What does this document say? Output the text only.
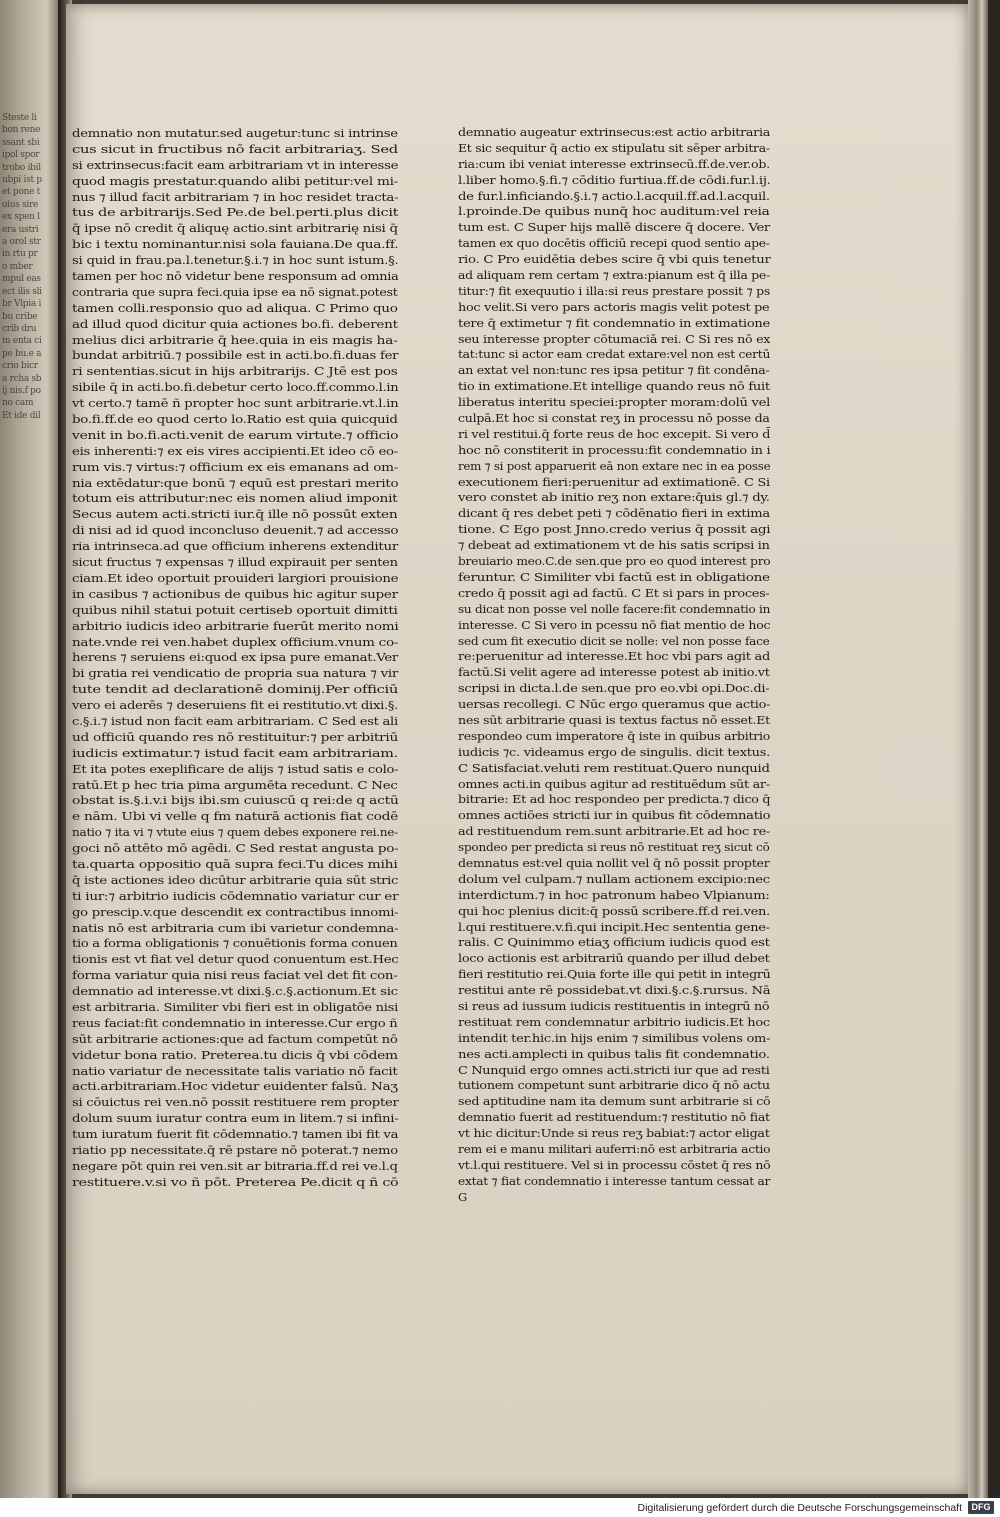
Steste libon rene ssant sbi ipol spor trobo ibil ubpi ist pet pone toius sire ex spen lera ustria orol strin rtu pro mber mpul eas ect ilis slibr Vlpia ibu cribe crib drum enta cipe bu.e acrio bicra rcha sbij nis.f pono cam Et ide dil
demnatio non mutatur.sed augetur:tunc si intrinse
cus sicut in fructibus nō facit arbitrariaʒ. Sed
si extrinsecus:facit eam arbitrariam vt in interesse
quod magis prestatur.quando alibi petitur:vel mi-
nus ⁊ illud facit arbitrariam ⁊ in hoc residet tracta-
tus de arbitrarijs.Sed Pe.de bel.perti.plus dicit
q̄ ipse nō credit q̄ aliquę actio.sint arbitrarię nisi q̄
bic i textu nominantur.nisi sola fauiana.De qua.ff.
si quid in frau.pa.l.tenetur.§.i.⁊ in hoc sunt istum.§.
tamen per hoc nō videtur bene responsum ad omnia
contraria que supra feci.quia ipse ea nō signat.potest
tamen colli.responsio quo ad aliqua. C Primo quo
ad illud quod dicitur quia actiones bo.fi. deberent
melius dici arbitrarie q̄ hee.quia in eis magis ha-
bundat arbitriū.⁊ possibile est in acti.bo.fi.duas fer
ri sententias.sicut in hijs arbitrarijs. C Jtē est pos
sibile q̄ in acti.bo.fi.debetur certo loco.ff.commo.l.in
vt certo.⁊ tamē ñ propter hoc sunt arbitrarie.vt.l.in
bo.fi.ff.de eo quod certo lo.Ratio est quia quicquid
venit in bo.fi.acti.venit de earum virtute.⁊ officio
eis inherenti:⁊ ex eis vires accipienti.Et ideo cō eo-
rum vis.⁊ virtus:⁊ officium ex eis emanans ad om-
nia extēdatur:que bonū ⁊ equū est prestari merito
totum eis attributur:nec eis nomen aliud imponit
Secus autem acti.stricti iur.q̄ ille nō possūt exten
di nisi ad id quod inconcluso deuenit.⁊ ad accesso
ria intrinseca.ad que officium inherens extenditur
sicut fructus ⁊ expensas ⁊ illud expirauit per senten
ciam.Et ideo oportuit prouideri largiori prouisione
in casibus ⁊ actionibus de quibus hic agitur super
quibus nihil statui potuit certiseb oportuit dimitti
arbitrio iudicis ideo arbitrarie fuerūt merito nomi
nate.vnde rei ven.habet duplex officium.vnum co-
herens ⁊ seruiens ei:quod ex ipsa pure emanat.Ver
bi gratia rei vendicatio de propria sua natura ⁊ vir
tute tendit ad declarationē dominij.Per officiū
vero ei aderēs ⁊ deseruiens fit ei restitutio.vt dixi.§.
c.§.i.⁊ istud non facit eam arbitrariam. C Sed est ali
ud officiū quando res nō restituitur:⁊ per arbitriū
iudicis extimatur.⁊ istud facit eam arbitrariam.
Et ita potes exeplificare de alijs ⁊ istud satis e colo-
ratū.Et p hec tria pima argumēta recedunt. C Nec
obstat is.§.i.v.i bijs ibi.sm cuiuscū q rei:de q actū
e nām. Ubi vi velle q fm naturā actionis fiat codē
natio ⁊ ita vi ⁊ vtute eius ⁊ quem debes exponere rei.ne-
goci nō attēto mō agēdi. C Sed restat angusta po-
ta.quarta oppositio quā supra feci.Tu dices mihi
q̄ iste actiones ideo dicūtur arbitrarie quia sūt stric
ti iur:⁊ arbitrio iudicis cōdemnatio variatur cur er
go prescip.v.que descendit ex contractibus innomi-
natis nō est arbitraria cum ibi varietur condemna-
tio a forma obligationis ⁊ conuētionis forma conuen
tionis est vt fiat vel detur quod conuentum est.Hec
forma variatur quia nisi reus faciat vel det fit con-
demnatio ad interesse.vt dixi.§.c.§.actionum.Et sic
est arbitraria. Similiter vbi fieri est in obligatōe nisi
reus faciat:fit condemnatio in interesse.Cur ergo ñ
sūt arbitrarie actiones:que ad factum competūt nō
videtur bona ratio. Preterea.tu dicis q̄ vbi cōdem
natio variatur de necessitate talis variatio nō facit
acti.arbitrariam.Hoc videtur euidenter falsū. Naʒ
si cōuictus rei ven.nō possit restituere rem propter
dolum suum iuratur contra eum in litem.⁊ si infini-
tum iuratum fuerit fit cōdemnatio.⁊ tamen ibi fit va
riatio pp necessitate.q̄ rē pstare nō poterat.⁊ nemo
negare pōt quin rei ven.sit ar bitraria.ff.d rei ve.l.q
restituere.v.si vo ñ pōt. Preterea Pe.dicit q ñ cō
demnatio augeatur extrinsecus:est actio arbitraria
Et sic sequitur q̄ actio ex stipulatu sit sēper arbitra-
ria:cum ibi veniat interesse extrinsecū.ff.de.ver.ob.
l.liber homo.§.fi.⁊ cōditio furtiua.ff.de cōdi.fur.l.ij.
de fur.l.inficiando.§.i.⁊ actio.l.acquil.ff.ad.l.acquil.
l.proinde.De quibus nunq̄ hoc auditum:vel reia
tum est. C Super hijs mallē discere q̄ docere. Ver
tamen ex quo docētis officiū recepi quod sentio ape-
rio. C Pro euidētia debes scire q̄ vbi quis tenetur
ad aliquam rem certam ⁊ extra:pianum est q̄ illa pe-
titur:⁊ fit exequutio i illa:si reus prestare possit ⁊ ps
hoc velit.Si vero pars actoris magis velit potest pe
tere q̄ extimetur ⁊ fit condemnatio in extimatione
seu interesse propter cōtumaciā rei. C Si res nō ex
tat:tunc si actor eam credat extare:vel non est certū
an extat vel non:tunc res ipsa petitur ⁊ fit condēna-
tio in extimatione.Et intellige quando reus nō fuit
liberatus interitu speciei:propter moram:dolū vel
culpā.Et hoc si constat reʒ in processu nō posse da
ri vel restitui.q̄ forte reus de hoc excepit. Si vero d̄
hoc nō constiterit in processu:fit condemnatio in i
rem ⁊ si post apparuerit eā non extare nec in ea posse
executionem fieri:peruenitur ad extimationē. C Si
vero constet ab initio reʒ non extare:q̄uis gl.⁊ dy.
dicant q̄ res debet peti ⁊ cōdēnatio fieri in extima
tione. C Ego post Jnno.credo verius q̄ possit agi
⁊ debeat ad extimationem vt de his satis scripsi in
breuiario meo.C.de sen.que pro eo quod interest pro
feruntur. C Similiter vbi factū est in obligatione
credo q̄ possit agi ad factū. C Et si pars in proces-
su dicat non posse vel nolle facere:fit condemnatio in
interesse. C Si vero in pcessu nō fiat mentio de hoc
sed cum fit executio dicit se nolle: vel non posse face
re:peruenitur ad interesse.Et hoc vbi pars agit ad
factū.Si velit agere ad interesse potest ab initio.vt
scripsi in dicta.l.de sen.que pro eo.vbi opi.Doc.di-
uersas recollegi. C Nūc ergo queramus que actio-
nes sūt arbitrarie quasi is textus factus nō esset.Et
respondeo cum imperatore q̄ iste in quibus arbitrio
iudicis ⁊c. videamus ergo de singulis. dicit textus.
C Satisfaciat.veluti rem restituat.Quero nunquid
omnes acti.in quibus agitur ad restituēdum sūt ar-
bitrarie: Et ad hoc respondeo per predicta.⁊ dico q̄
omnes actiōes stricti iur in quibus fit cōdemnatio
ad restituendum rem.sunt arbitrarie.Et ad hoc re-
spondeo per predicta si reus nō restituat reʒ sicut cō
demnatus est:vel quia nollit vel q̄ nō possit propter
dolum vel culpam.⁊ nullam actionem excipio:nec
interdictum.⁊ in hoc patronum habeo Vlpianum:
qui hoc plenius dicit:q̄ possū scribere.ff.d rei.ven.
l.qui restituere.v.fi.qui incipit.Hec sententia gene-
ralis. C Quinimmo etiaʒ officium iudicis quod est
loco actionis est arbitrariū quando per illud debet
fieri restitutio rei.Quia forte ille qui petit in integrū
restitui ante rē possidebat.vt dixi.§.c.§.rursus. Nā
si reus ad iussum iudicis restituentis in integrū nō
restituat rem condemnatur arbitrio iudicis.Et hoc
intendit ter.hic.in hijs enim ⁊ similibus volens om-
nes acti.amplecti in quibus talis fit condemnatio.
C Nunquid ergo omnes acti.stricti iur que ad resti
tutionem competunt sunt arbitrarie dico q̄ nō actu
sed aptitudine nam ita demum sunt arbitrarie si cō
demnatio fuerit ad restituendum:⁊ restitutio nō fiat
vt hic dicitur:Unde si reus reʒ babiat:⁊ actor eligat
rem ei e manu militari auferri:nō est arbitraria actio
vt.l.qui restituere. Vel si in processu cōstet q̄ res nō
extat ⁊ fiat condemnatio i interesse tantum cessat ar
G
Digitalisierung gefördert durch die Deutsche Forschungsgemeinschaft	DFG
